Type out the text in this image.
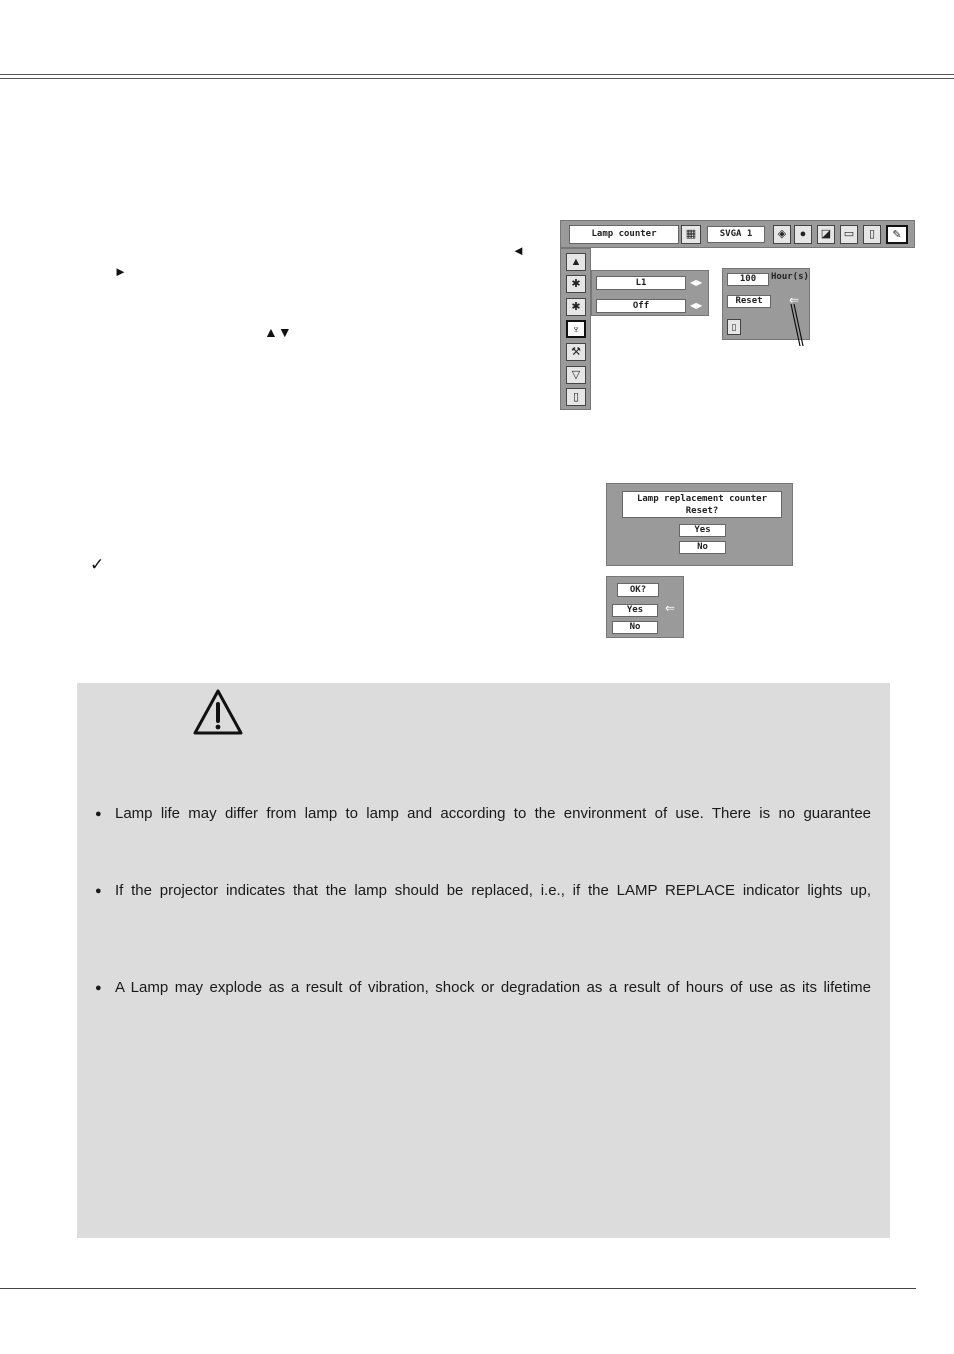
◄
►
▲▼
✓
Lamp counter	▦	SVGA 1	◈	●	◪	▭	▯	✎
▲
✱
✱
♆
⚒
▽
▯
L1	◀▶
Off	◀▶
100	Hour(s)
Reset	⇐
▯
Lamp replacement counter
Reset?
Yes
No
OK?
Yes
No
⇐
● Lamp life may differ from lamp to lamp and according to the environment of use. There is no guarantee
● If the projector indicates that the lamp should be replaced, i.e., if the LAMP REPLACE indicator lights up,
● A Lamp may explode as a result of vibration, shock or degradation as a result of hours of use as its lifetime
